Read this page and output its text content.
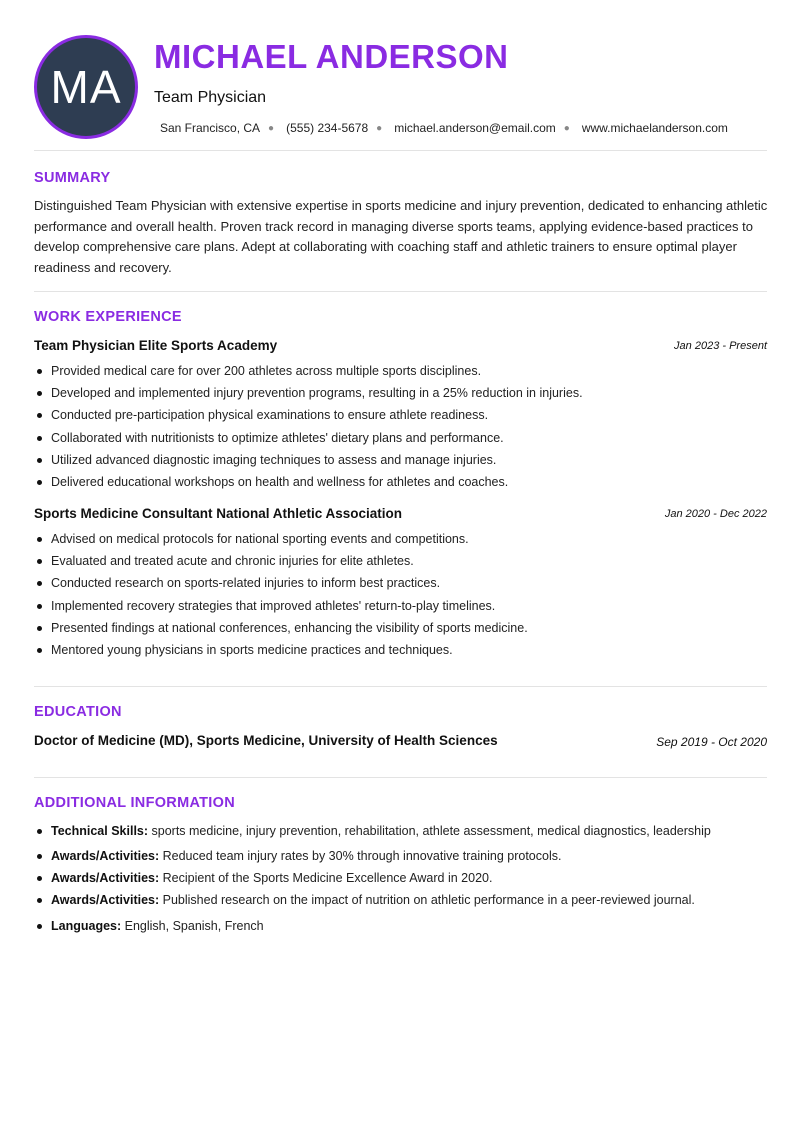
MA
MICHAEL ANDERSON
Team Physician
San Francisco, CA ● (555) 234-5678 ● michael.anderson@email.com ● www.michaelanderson.com
SUMMARY

Distinguished Team Physician with extensive expertise in sports medicine and injury prevention, dedicated to enhancing athletic performance and overall health. Proven track record in managing diverse sports teams, applying evidence-based practices to develop comprehensive care plans. Adept at collaborating with coaching staff and athletic trainers to ensure optimal player readiness and recovery.

WORK EXPERIENCE
Team Physician Elite Sports Academy	Jan 2023 - Present
Provided medical care for over 200 athletes across multiple sports disciplines.
Developed and implemented injury prevention programs, resulting in a 25% reduction in injuries.
Conducted pre-participation physical examinations to ensure athlete readiness.
Collaborated with nutritionists to optimize athletes' dietary plans and performance.
Utilized advanced diagnostic imaging techniques to assess and manage injuries.
Delivered educational workshops on health and wellness for athletes and coaches.
Sports Medicine Consultant National Athletic Association	Jan 2020 - Dec 2022
Advised on medical protocols for national sporting events and competitions.
Evaluated and treated acute and chronic injuries for elite athletes.
Conducted research on sports-related injuries to inform best practices.
Implemented recovery strategies that improved athletes' return-to-play timelines.
Presented findings at national conferences, enhancing the visibility of sports medicine.
Mentored young physicians in sports medicine practices and techniques.
EDUCATION
Doctor of Medicine (MD), Sports Medicine, University of Health Sciences	Sep 2019 - Oct 2020
ADDITIONAL INFORMATION
Technical Skills: sports medicine, injury prevention, rehabilitation, athlete assessment, medical diagnostics, leadership
Awards/Activities: Reduced team injury rates by 30% through innovative training protocols.
Awards/Activities: Recipient of the Sports Medicine Excellence Award in 2020.
Awards/Activities: Published research on the impact of nutrition on athletic performance in a peer-reviewed journal.
Languages: English, Spanish, French
